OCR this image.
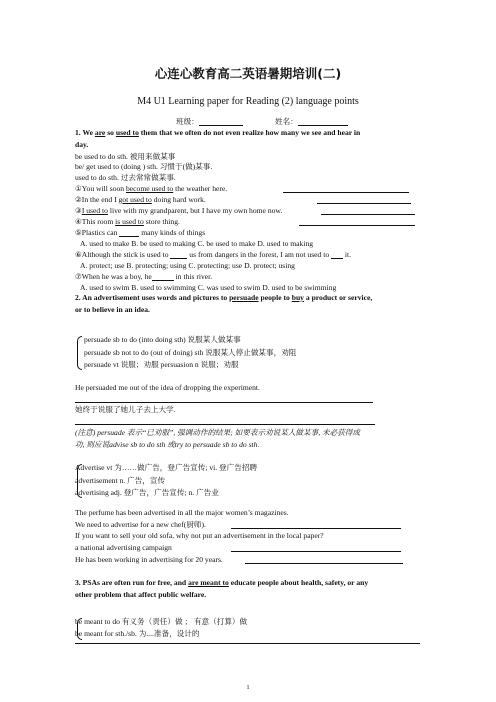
心连心教育高二英语暑期培训(二)
M4 U1 Learning paper for Reading (2) language points
班级：	姓名：
1. We are so used to them that we often do not even realize how many we see and hear in
day.
be used to do sth. 被用来做某事
be/ get used to (doing ) sth. 习惯于(做)某事.
used to do sth. 过去常常做某事.
①You will soon become used to the weather here.
②In the end I got used to doing hard work.
③I used to live with my grandparent, but I have my own home now.
④This room is used to store thing.
⑤Plastics can	many kinds of things
A. used to make B. be used to making C. be used to make D. used to making
⑥Although the stick is used to  us from dangers in the forest, I am not used to  it.
A. protect; use B. protecting; using C. protecting; use D. protect; using
⑦When he was a boy, he	in this river.
A. used to swim B. used to swimming C. was used to swim D. used to be swimming
2. An advertisement uses words and pictures to persuade people to buy a product or service,
or to believe in an idea.
persuade sb to do (into doing sth) 说服某人做某事
persuade sb not to do (out of doing) sth 说服某人停止做某事，劝阻
persuade vt 说服；劝服 persuasion n 说服；劝服
He persuaded me out of the idea of dropping the experiment.
她终于说服了她儿子去上大学.
(注意) persuade 表示“已劝服”, 强调动作的结果; 如要表示劝说某人做某事, 未必获得成
功, 则应说advise sb to do sth 或try to persuade sb to do sth.
Advertise vt 为……做广告，登广告宣传; vi. 登广告招聘
advertisement n. 广告，宣传
advertising adj. 登广告，广告宣传; n. 广告业
The perfume has been advertised in all the major women’s magazines.
We need to advertise for a new chef(厨师).
If you want to sell your old sofa, why not put an advertisement in the local paper?
a national advertising campaign
He has been working in advertising for 20 years.
3. PSAs are often run for free, and are meant to educate people about health, safety, or any
other problem that affect public welfare.
be meant to do 有义务（责任）做 ； 有意（打算）做
be meant for sth./sb. 为....准备，设计的
1
